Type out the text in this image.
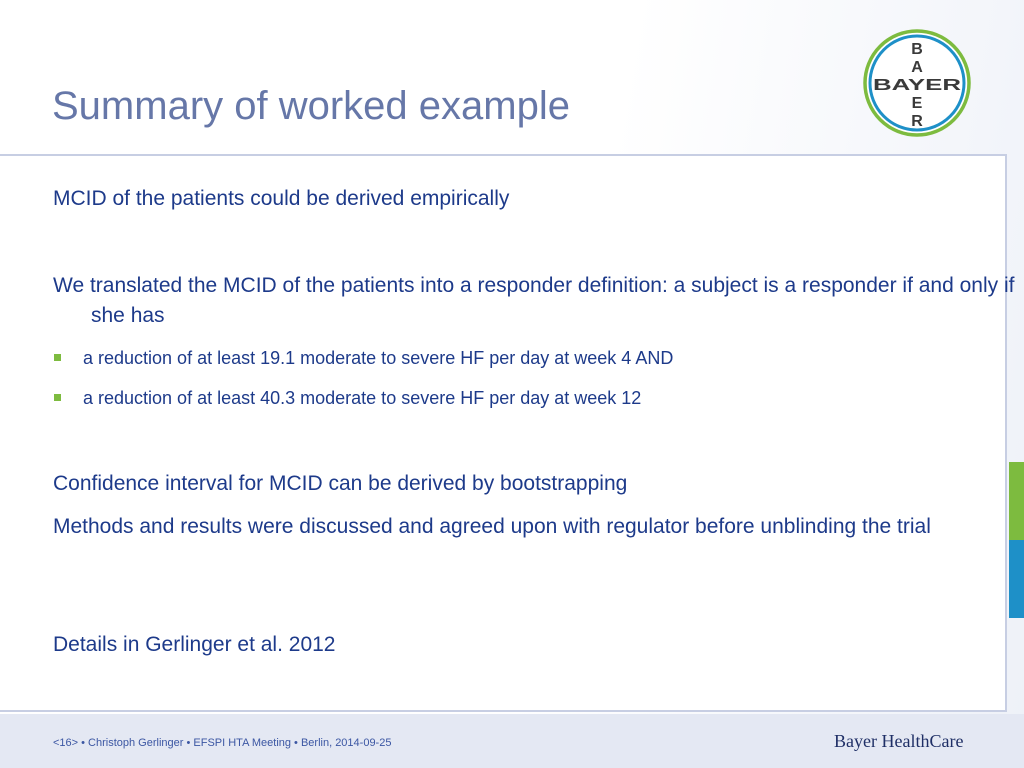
Summary of worked example
B
A
BAYER
E
R

MCID of the patients could be derived empirically

We translated the MCID of the patients into a responder definition: a subject is a responder if and only if she has

a reduction of at least 19.1 moderate to severe HF per day at week 4 AND
a reduction of at least 40.3 moderate to severe HF per day at week 12

Confidence interval for MCID can be derived by bootstrapping

Methods and results were discussed and agreed upon with regulator before unblinding the trial

Details in Gerlinger et al. 2012

<16> • Christoph Gerlinger • EFSPI HTA Meeting • Berlin, 2014-09-25	Bayer HealthCare
